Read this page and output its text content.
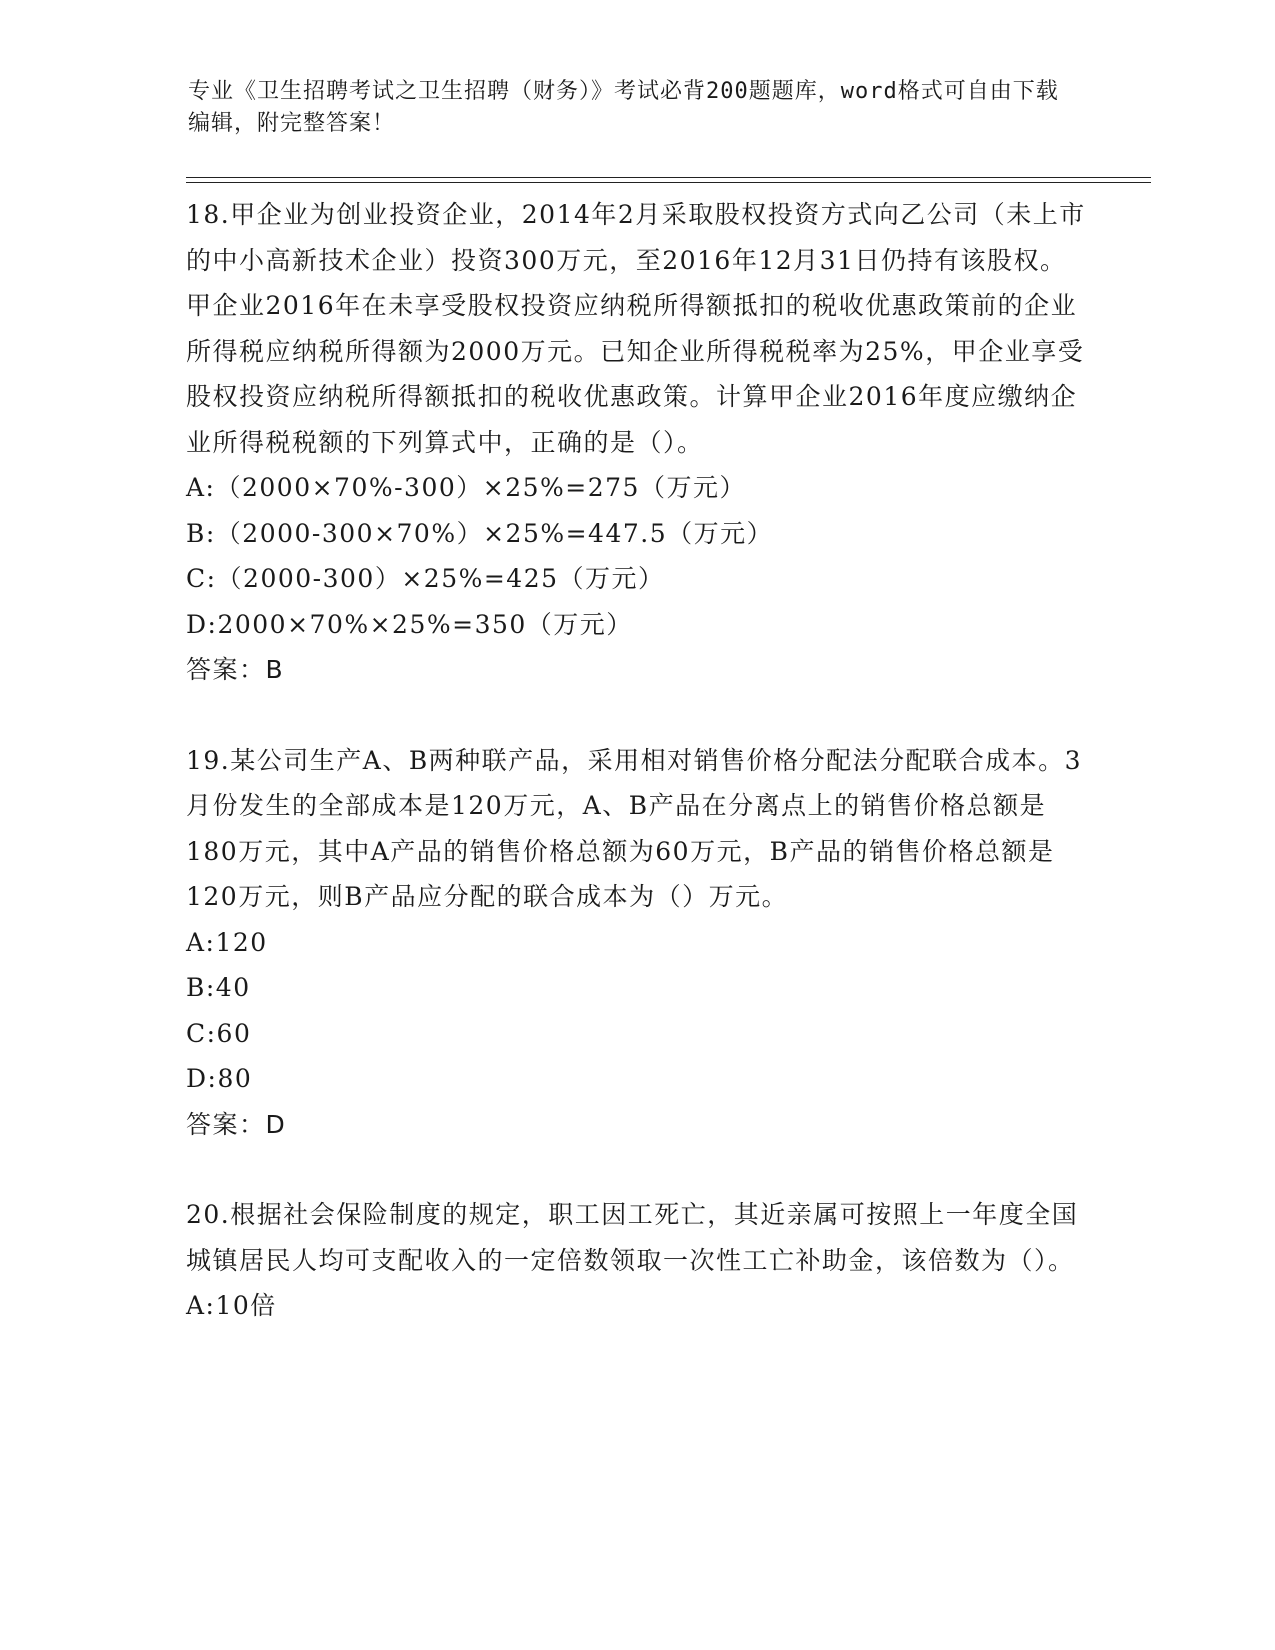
专业《卫生招聘考试之卫生招聘（财务）》考试必背200题题库，word格式可自由下载编辑，附完整答案！

18.甲企业为创业投资企业，2014年2月采取股权投资方式向乙公司（未上市的中小高新技术企业）投资300万元，至2016年12月31日仍持有该股权。甲企业2016年在未享受股权投资应纳税所得额抵扣的税收优惠政策前的企业所得税应纳税所得额为2000万元。已知企业所得税税率为25%，甲企业享受股权投资应纳税所得额抵扣的税收优惠政策。计算甲企业2016年度应缴纳企业所得税税额的下列算式中，正确的是（）。

A:（2000×70%-300）×25%=275（万元）

B:（2000-300×70%）×25%=447.5（万元）

C:（2000-300）×25%=425（万元）

D:2000×70%×25%=350（万元）

答案：B

19.某公司生产A、B两种联产品，采用相对销售价格分配法分配联合成本。3月份发生的全部成本是120万元，A、B产品在分离点上的销售价格总额是180万元，其中A产品的销售价格总额为60万元，B产品的销售价格总额是120万元，则B产品应分配的联合成本为（）万元。

A:120

B:40

C:60

D:80

答案：D

20.根据社会保险制度的规定，职工因工死亡，其近亲属可按照上一年度全国城镇居民人均可支配收入的一定倍数领取一次性工亡补助金，该倍数为（）。

A:10倍
